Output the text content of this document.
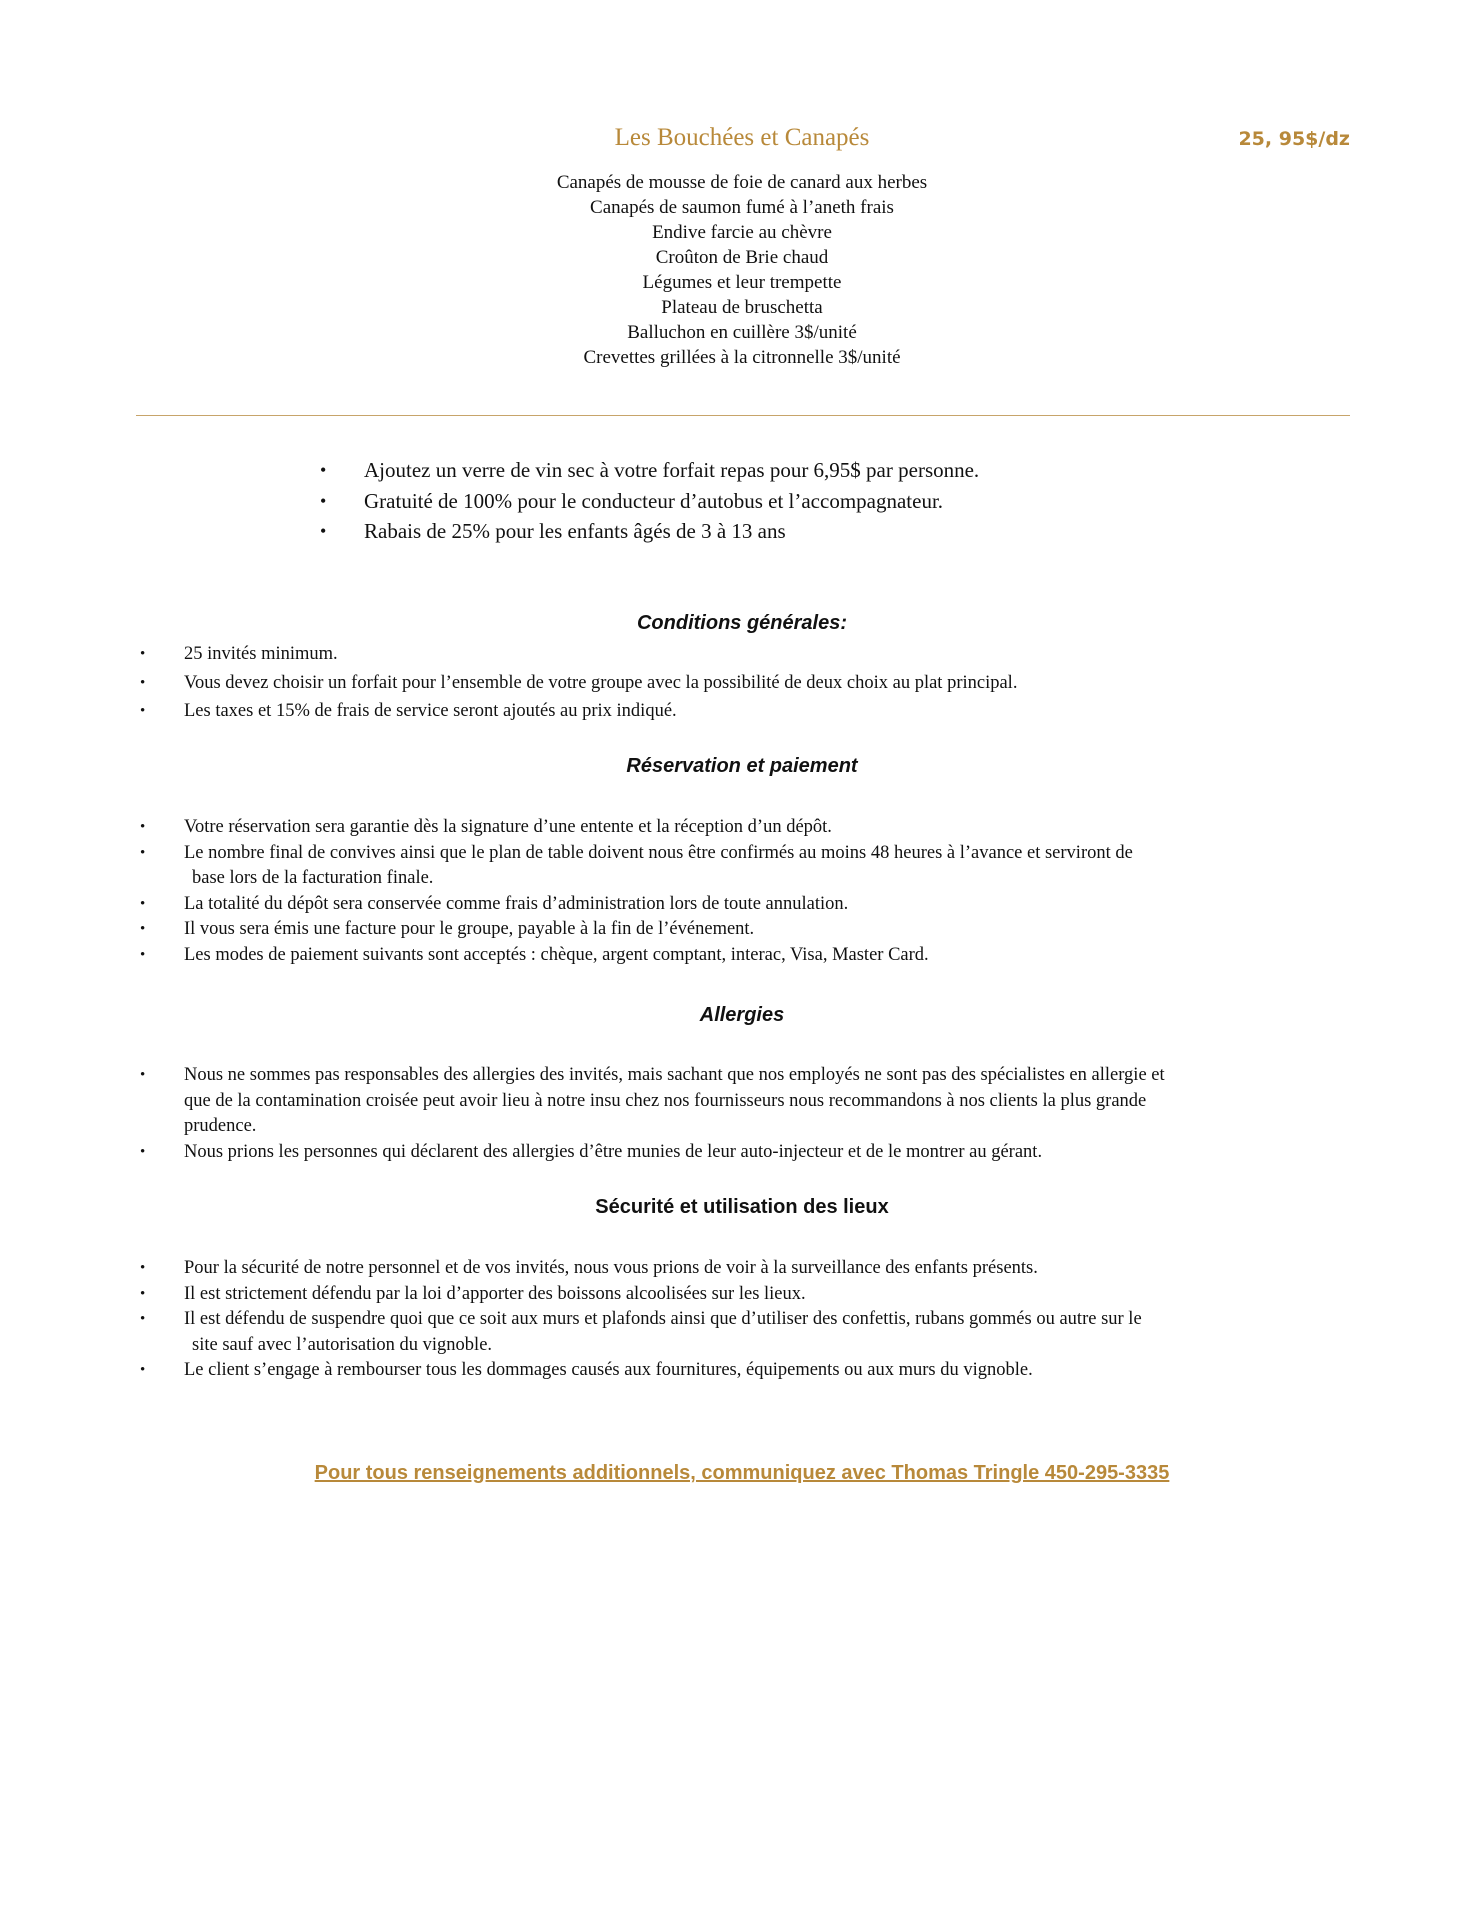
Les Bouchées et Canapés	25, 95$/dz
Canapés de mousse de foie de canard aux herbes
Canapés de saumon fumé à l’aneth frais
Endive farcie au chèvre
Croûton de Brie chaud
Légumes et leur trempette
Plateau de bruschetta
Balluchon en cuillère 3$/unité
Crevettes grillées à la citronnelle 3$/unité
• Ajoutez un verre de vin sec à votre forfait repas pour 6,95$ par personne.
• Gratuité de 100% pour le conducteur d’autobus et l’accompagnateur.
• Rabais de 25% pour les enfants âgés de 3 à 13 ans
Conditions générales:
• 25 invités minimum.
• Vous devez choisir un forfait pour l’ensemble de votre groupe avec la possibilité de deux choix au plat principal.
• Les taxes et 15% de frais de service seront ajoutés au prix indiqué.
Réservation et paiement
• Votre réservation sera garantie dès la signature d’une entente et la réception d’un dépôt.
• Le nombre final de convives ainsi que le plan de table doivent nous être confirmés au moins 48 heures à l’avance et serviront de
base lors de la facturation finale.
• La totalité du dépôt sera conservée comme frais d’administration lors de toute annulation.
• Il vous sera émis une facture pour le groupe, payable à la fin de l’événement.
• Les modes de paiement suivants sont acceptés : chèque, argent comptant, interac, Visa, Master Card.
Allergies
• Nous ne sommes pas responsables des allergies des invités, mais sachant que nos employés ne sont pas des spécialistes en allergie et
que de la contamination croisée peut avoir lieu à notre insu chez nos fournisseurs nous recommandons à nos clients la plus grande
prudence.
• Nous prions les personnes qui déclarent des allergies d’être munies de leur auto-injecteur et de le montrer au gérant.
Sécurité et utilisation des lieux
• Pour la sécurité de notre personnel et de vos invités, nous vous prions de voir à la surveillance des enfants présents.
• Il est strictement défendu par la loi d’apporter des boissons alcoolisées sur les lieux.
• Il est défendu de suspendre quoi que ce soit aux murs et plafonds ainsi que d’utiliser des confettis, rubans gommés ou autre sur le
site sauf avec l’autorisation du vignoble.
• Le client s’engage à rembourser tous les dommages causés aux fournitures, équipements ou aux murs du vignoble.
Pour tous renseignements additionnels, communiquez avec Thomas Tringle 450-295-3335
